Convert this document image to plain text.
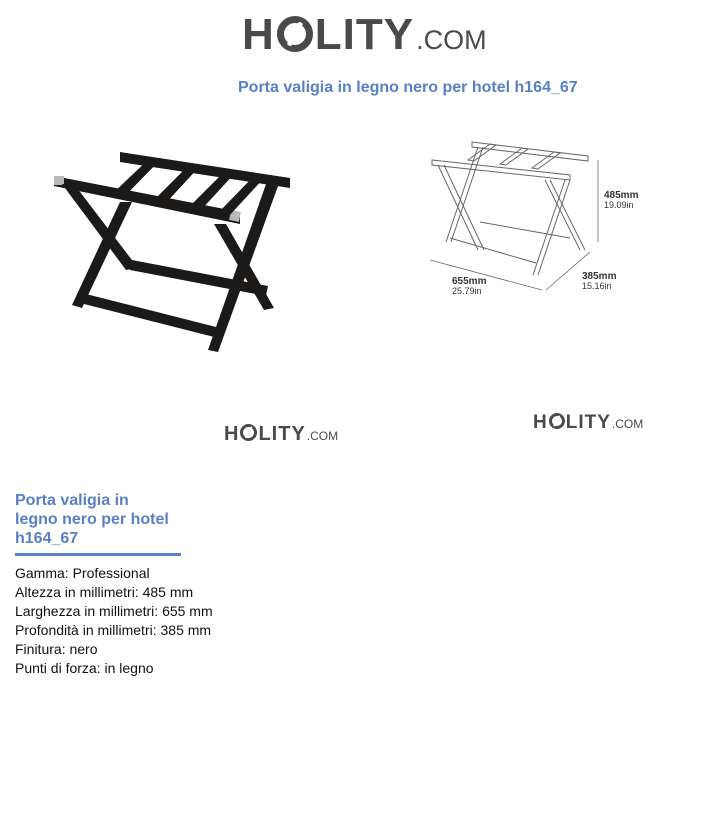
H LITY .COM
Porta valigia in legno nero per hotel h164_67
485mm
19.09in
655mm
25.79in
385mm
15.16in
H LITY .COM
H LITY .COM
Porta valigia in legno nero per hotel h164_67
Gamma: Professional
Altezza in millimetri: 485 mm
Larghezza in millimetri: 655 mm
Profondità in millimetri: 385 mm
Finitura: nero
Punti di forza: in legno
